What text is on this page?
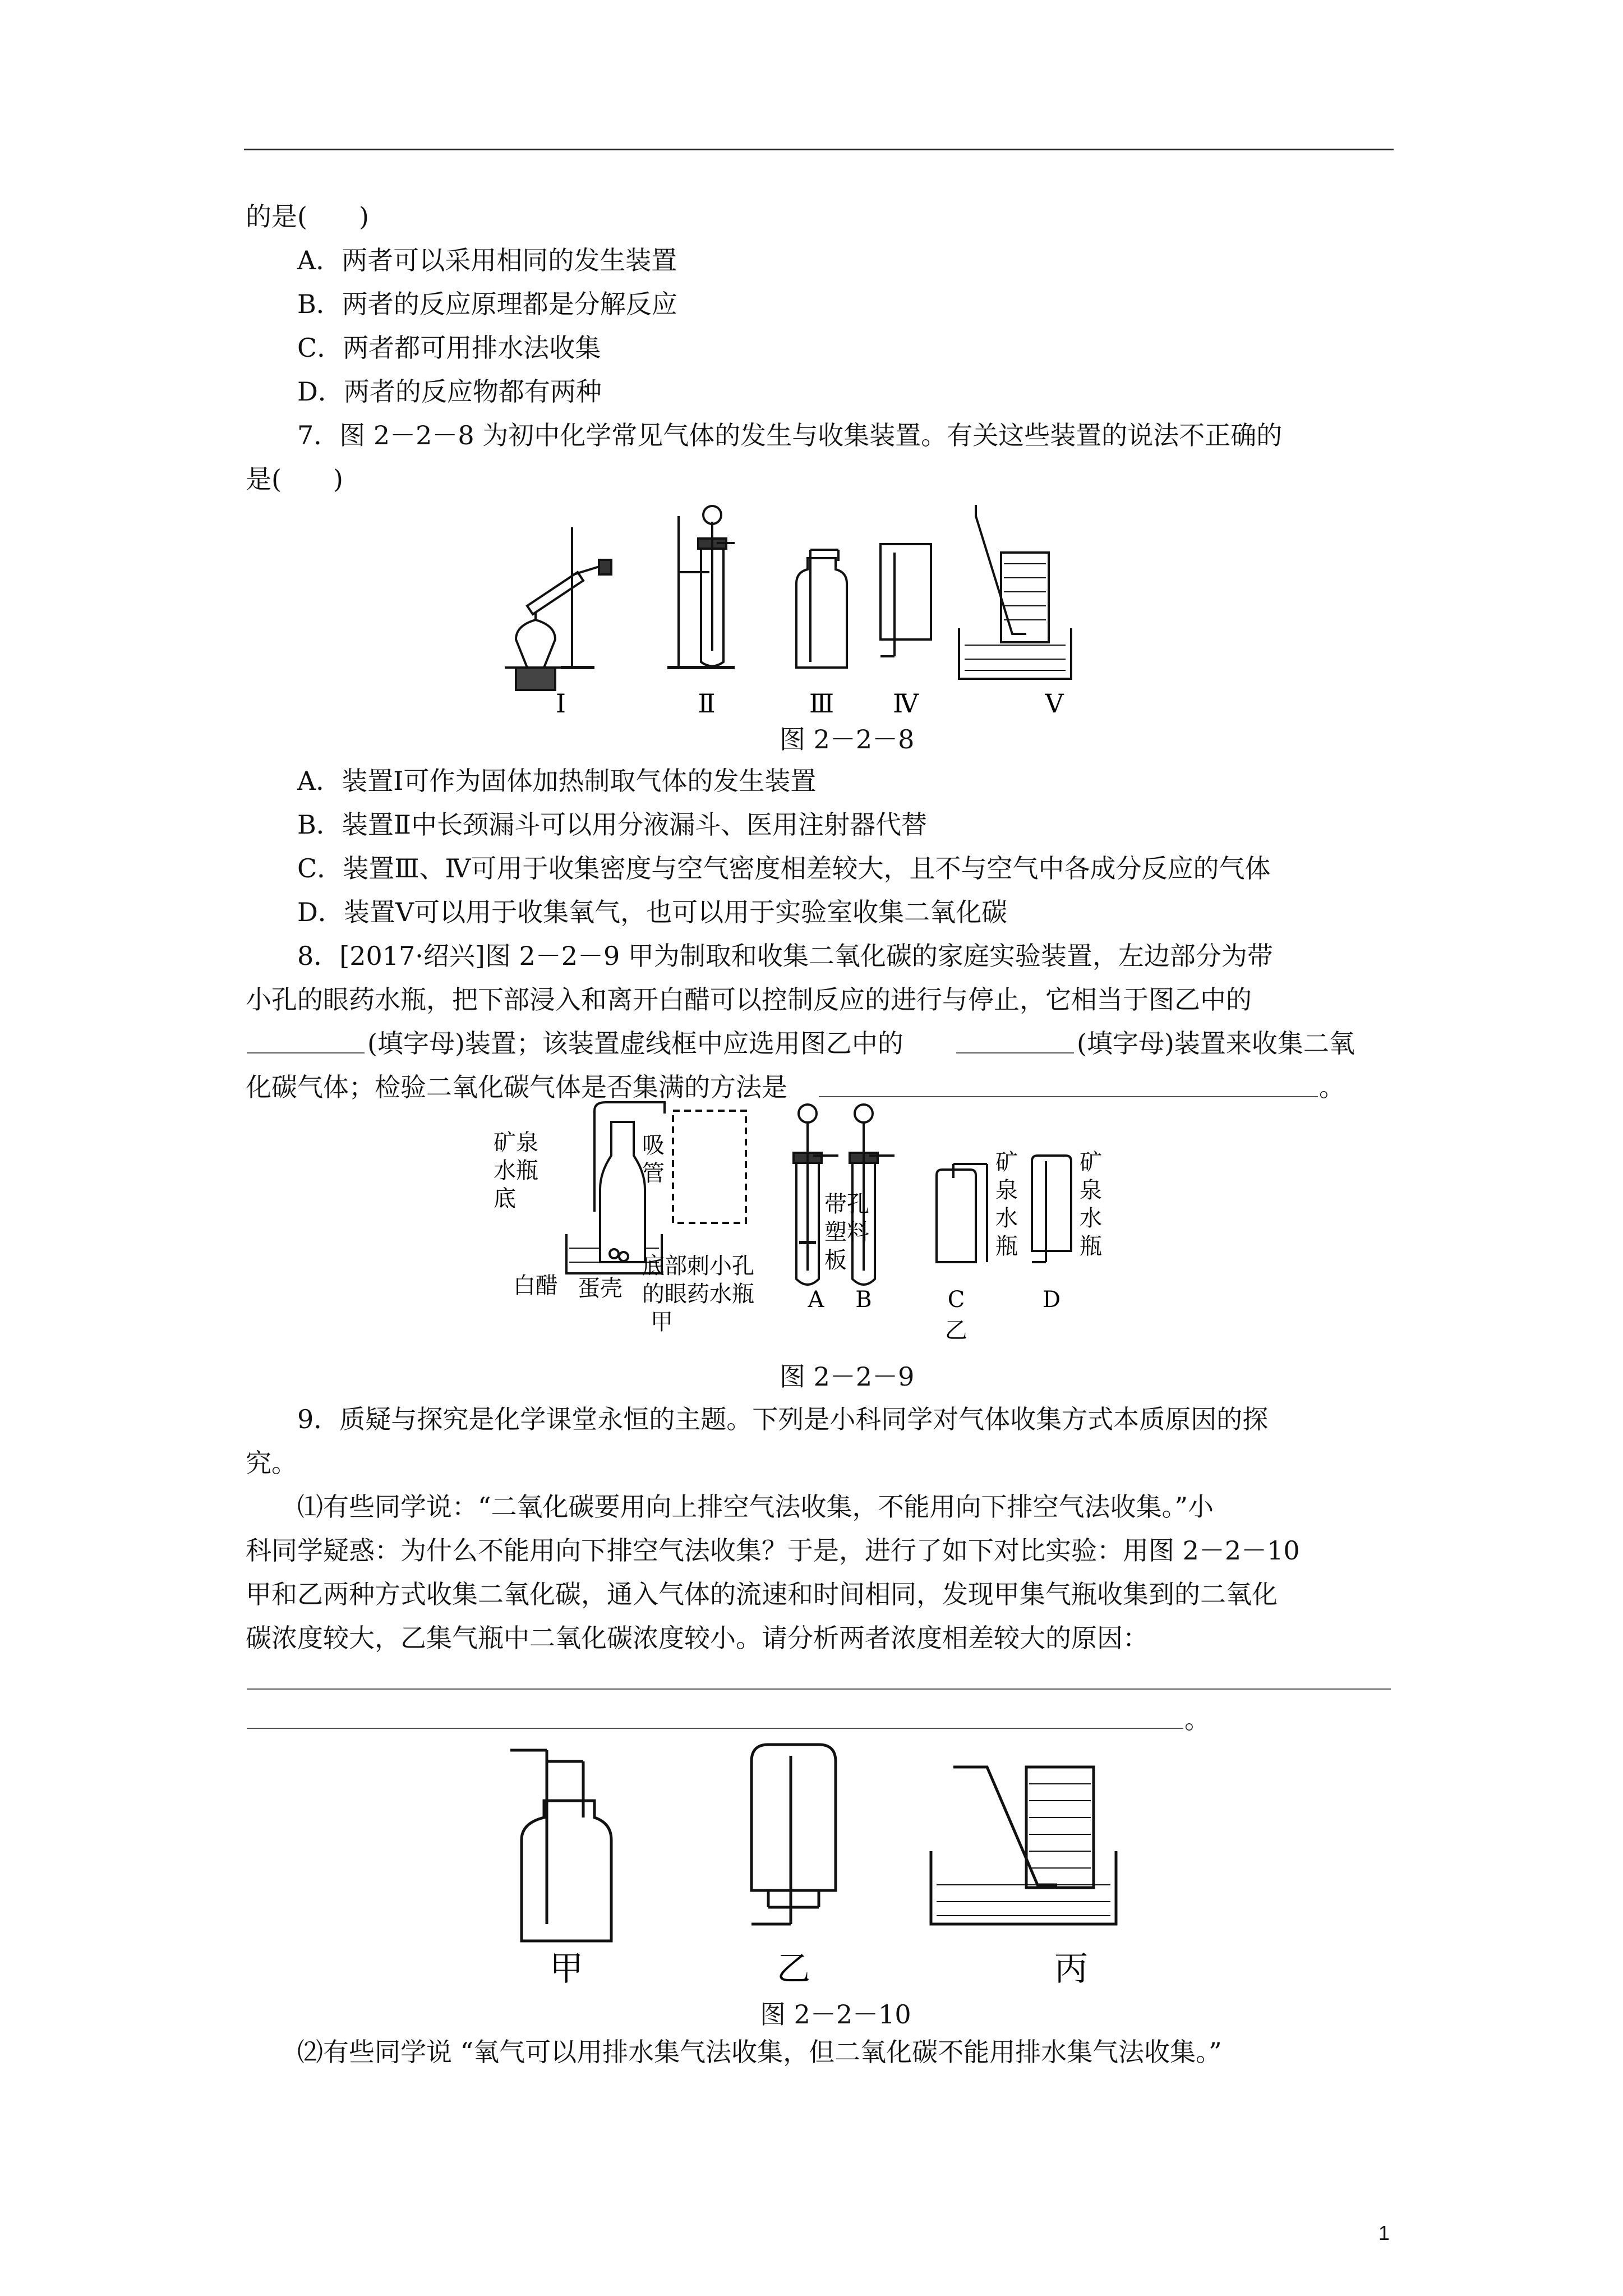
的是(　　)
A．两者可以采用相同的发生装置
B．两者的反应原理都是分解反应
C．两者都可用排水法收集
D．两者的反应物都有两种
7．图 2－2－8 为初中化学常见气体的发生与收集装置。有关这些装置的说法不正确的
是(　　)
Ⅰ	Ⅱ	Ⅲ Ⅳ	Ⅴ
图 2－2－8
A．装置Ⅰ可作为固体加热制取气体的发生装置
B．装置Ⅱ中长颈漏斗可以用分液漏斗、医用注射器代替
C．装置Ⅲ、Ⅳ可用于收集密度与空气密度相差较大，且不与空气中各成分反应的气体
D．装置Ⅴ可以用于收集氧气，也可以用于实验室收集二氧化碳
8．[2017·绍兴]图 2－2－9 甲为制取和收集二氧化碳的家庭实验装置，左边部分为带
小孔的眼药水瓶，把下部浸入和离开白醋可以控制反应的进行与停止，它相当于图乙中的
(填字母)装置；该装置虚线框中应选用图乙中的	(填字母)装置来收集二氧
化碳气体；检验二氧化碳气体是否集满的方法是	。
矿泉
水瓶
底
吸
管
白醋 蛋壳
底部刺小孔
的眼药水瓶
甲
带孔
塑料
板
矿
泉
水
瓶
矿
泉
水
瓶
A B	C	D
乙
图 2－2－9
9．质疑与探究是化学课堂永恒的主题。下列是小科同学对气体收集方式本质原因的探
究。
⑴有些同学说：“二氧化碳要用向上排空气法收集，不能用向下排空气法收集。”小
科同学疑惑：为什么不能用向下排空气法收集？于是，进行了如下对比实验：用图 2－2－10
甲和乙两种方式收集二氧化碳，通入气体的流速和时间相同，发现甲集气瓶收集到的二氧化
碳浓度较大，乙集气瓶中二氧化碳浓度较小。请分析两者浓度相差较大的原因：
。
甲	乙	丙
图 2－2－10
⑵有些同学说 “氧气可以用排水集气法收集，但二氧化碳不能用排水集气法收集。”
1
